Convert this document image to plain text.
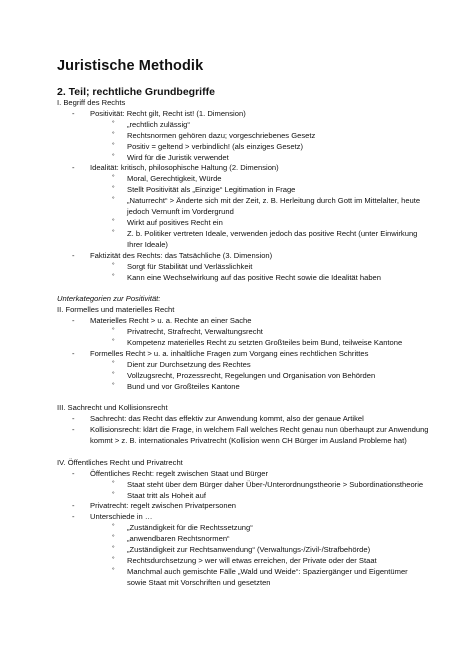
Juristische Methodik
2. Teil; rechtliche Grundbegriffe
I. Begriff des Rechts
- Positivität: Recht gilt, Recht ist! (1. Dimension)
° „rechtlich zulässig“
° Rechtsnormen gehören dazu; vorgeschriebenes Gesetz
° Positiv = geltend > verbindlich! (als einziges Gesetz)
° Wird für die Juristik verwendet
- Idealität: kritisch, philosophische Haltung (2. Dimension)
° Moral, Gerechtigkeit, Würde
° Stellt Positivität als „Einzige“ Legitimation in Frage
° „Naturrecht“ > Änderte sich mit der Zeit, z. B. Herleitung durch Gott im Mittelalter, heute jedoch Vernunft im Vordergrund
° Wirkt auf positives Recht ein
° Z. b. Politiker vertreten Ideale, verwenden jedoch das positive Recht (unter Einwirkung Ihrer Ideale)
- Faktizität des Rechts: das Tatsächliche (3. Dimension)
° Sorgt für Stabilität und Verlässlichkeit
° Kann eine Wechselwirkung auf das positive Recht sowie die Idealität haben
Unterkategorien zur Positivität:
II. Formelles und materielles Recht
- Materielles Recht > u. a. Rechte an einer Sache
° Privatrecht, Strafrecht, Verwaltungsrecht
° Kompetenz materielles Recht zu setzten Großteiles beim Bund, teilweise Kantone
- Formelles Recht > u. a. inhaltliche Fragen zum Vorgang eines rechtlichen Schrittes
° Dient zur Durchsetzung des Rechtes
° Vollzugsrecht, Prozessrecht, Regelungen und Organisation von Behörden
° Bund und vor Großteiles Kantone
III. Sachrecht und Kollisionsrecht
- Sachrecht: das Recht das effektiv zur Anwendung kommt, also der genaue Artikel
- Kollisionsrecht: klärt die Frage, in welchem Fall welches Recht genau nun überhaupt zur Anwendung kommt > z. B. internationales Privatrecht (Kollision wenn CH Bürger im Ausland Probleme hat)
IV. Öffentliches Recht und Privatrecht
- Öffentliches Recht: regelt zwischen Staat und Bürger
° Staat steht über dem Bürger daher Über-/Unterordnungstheorie > Subordinationstheorie
° Staat tritt als Hoheit auf
- Privatrecht: regelt zwischen Privatpersonen
- Unterschiede in …
° „Zuständigkeit für die Rechtssetzung“
° „anwendbaren Rechtsnormen“
° „Zuständigkeit zur Rechtsanwendung“ (Verwaltungs-/Zivil-/Strafbehörde)
° Rechtsdurchsetzung > wer will etwas erreichen, der Private oder der Staat
° Manchmal auch gemischte Fälle „Wald und Weide“: Spaziergänger und Eigentümer sowie Staat mit Vorschriften und gesetzten
